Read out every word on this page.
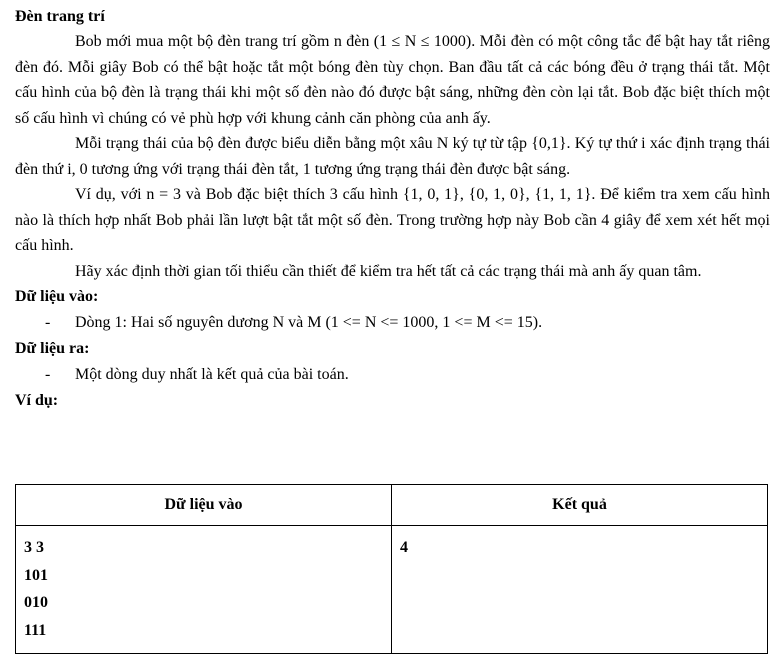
Đèn trang trí

Bob mới mua một bộ đèn trang trí gồm n đèn (1 ≤ N ≤ 1000). Mỗi đèn có một công tắc để bật hay tắt riêng đèn đó. Mỗi giây Bob có thể bật hoặc tắt một bóng đèn tùy chọn. Ban đầu tất cả các bóng đều ở trạng thái tắt. Một cấu hình của bộ đèn là trạng thái khi một số đèn nào đó được bật sáng, những đèn còn lại tắt. Bob đặc biệt thích một số cấu hình vì chúng có vẻ phù hợp với khung cảnh căn phòng của anh ấy.

Mỗi trạng thái của bộ đèn được biểu diễn bằng một xâu N ký tự từ tập {0,1}. Ký tự thứ i xác định trạng thái đèn thứ i, 0 tương ứng với trạng thái đèn tắt, 1 tương ứng trạng thái đèn được bật sáng.

Ví dụ, với n = 3 và Bob đặc biệt thích 3 cấu hình {1, 0, 1}, {0, 1, 0}, {1, 1, 1}. Để kiểm tra xem cấu hình nào là thích hợp nhất Bob phải lần lượt bật tắt một số đèn. Trong trường hợp này Bob cần 4 giây để xem xét hết mọi cấu hình.

Hãy xác định thời gian tối thiểu cần thiết để kiểm tra hết tất cả các trạng thái mà anh ấy quan tâm.

Dữ liệu vào:
- Dòng 1: Hai số nguyên dương N và M (1 <= N <= 1000, 1 <= M <= 15).
Dữ liệu ra:
- Một dòng duy nhất là kết quả của bài toán.
Ví dụ:
Dữ liệu vào	Kết quả

3 3
101
010
111	4
